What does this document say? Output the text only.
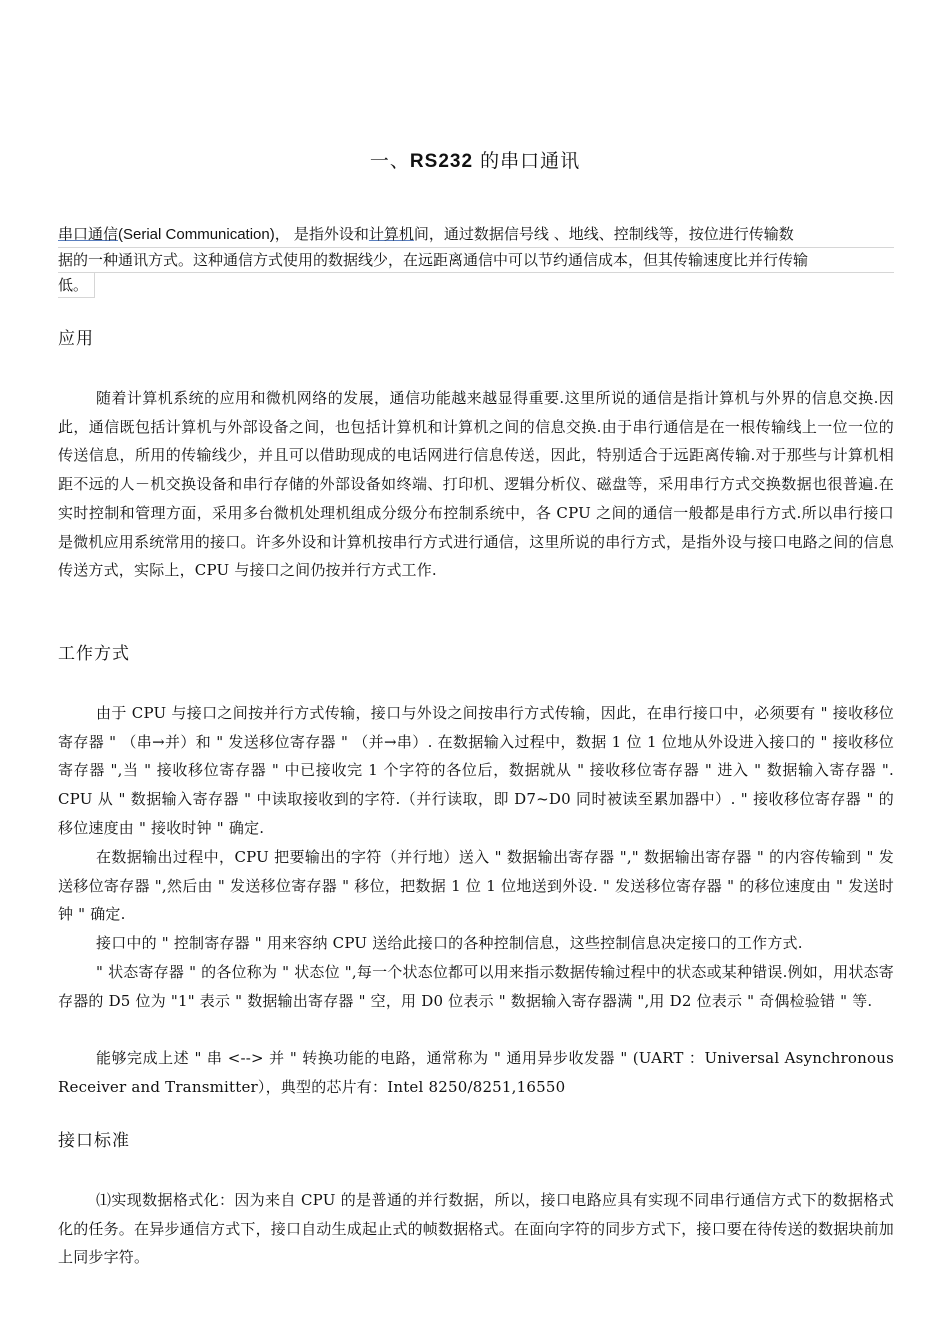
一、RS232 的串口通讯
串口通信(Serial Communication)， 是指外设和计算机间，通过数据信号线 、地线、控制线等，按位进行传输数
据的一种通讯方式。这种通信方式使用的数据线少，在远距离通信中可以节约通信成本，但其传输速度比并行传输
低。
应用
随着计算机系统的应用和微机网络的发展，通信功能越来越显得重要.这里所说的通信是指计算机与外界的信息交换.因此，通信既包括计算机与外部设备之间，也包括计算机和计算机之间的信息交换.由于串行通信是在一根传输线上一位一位的传送信息，所用的传输线少，并且可以借助现成的电话网进行信息传送，因此，特别适合于远距离传输.对于那些与计算机相距不远的人－机交换设备和串行存储的外部设备如终端、打印机、逻辑分析仪、磁盘等，采用串行方式交换数据也很普遍.在实时控制和管理方面，采用多台微机处理机组成分级分布控制系统中，各 CPU 之间的通信一般都是串行方式.所以串行接口是微机应用系统常用的接口。许多外设和计算机按串行方式进行通信，这里所说的串行方式，是指外设与接口电路之间的信息传送方式，实际上，CPU 与接口之间仍按并行方式工作.
工作方式
由于 CPU 与接口之间按并行方式传输，接口与外设之间按串行方式传输，因此，在串行接口中，必须要有 " 接收移位寄存器 " （串→并）和 " 发送移位寄存器 " （并→串）. 在数据输入过程中，数据 1 位 1 位地从外设进入接口的 " 接收移位寄存器 ",当 " 接收移位寄存器 " 中已接收完 1 个字符的各位后，数据就从 " 接收移位寄存器 " 进入 " 数据输入寄存器 ". CPU 从 " 数据输入寄存器 " 中读取接收到的字符.（并行读取，即 D7~D0 同时被读至累加器中）. " 接收移位寄存器 " 的移位速度由 " 接收时钟 " 确定.
在数据输出过程中，CPU 把要输出的字符（并行地）送入 " 数据输出寄存器 "," 数据输出寄存器 " 的内容传输到 " 发送移位寄存器 ",然后由 " 发送移位寄存器 " 移位，把数据 1 位 1 位地送到外设. " 发送移位寄存器 " 的移位速度由 " 发送时钟 " 确定.
接口中的 " 控制寄存器 " 用来容纳 CPU 送给此接口的各种控制信息，这些控制信息决定接口的工作方式.
" 状态寄存器 " 的各位称为 " 状态位 ",每一个状态位都可以用来指示数据传输过程中的状态或某种错误.例如，用状态寄存器的 D5 位为 "1" 表示 " 数据输出寄存器 " 空，用 D0 位表示 " 数据输入寄存器满 ",用 D2 位表示 " 奇偶检验错 " 等.
能够完成上述 " 串 <--> 并 " 转换功能的电路，通常称为 " 通用异步收发器 " (UART ：Universal Asynchronous Receiver and Transmitter），典型的芯片有：Intel 8250/8251,16550
接口标准
⑴实现数据格式化：因为来自 CPU 的是普通的并行数据，所以，接口电路应具有实现不同串行通信方式下的数据格式化的任务。在异步通信方式下，接口自动生成起止式的帧数据格式。在面向字符的同步方式下，接口要在待传送的数据块前加上同步字符。
